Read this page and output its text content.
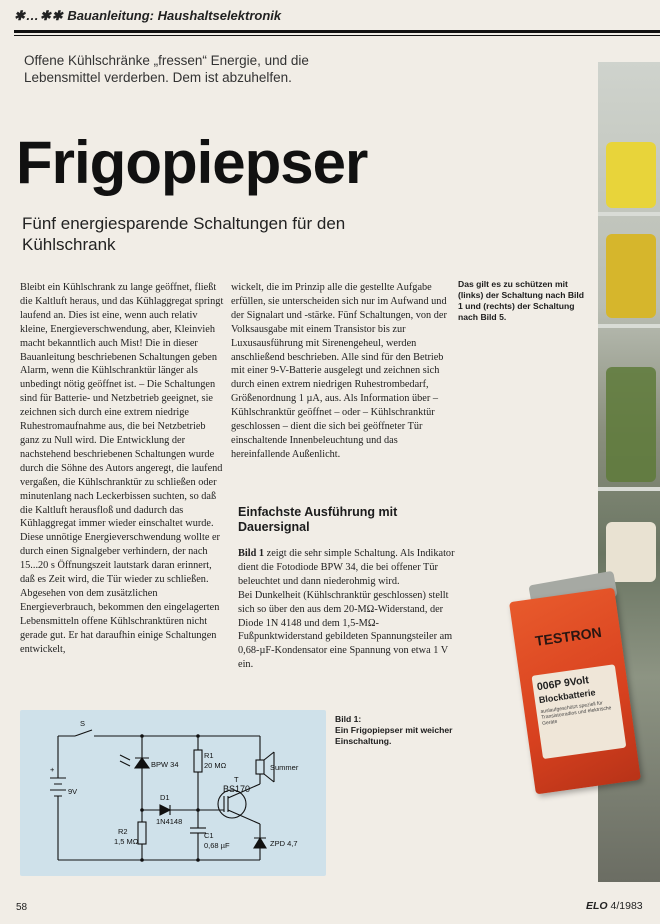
✱…✱✱ Bauanleitung: Haushaltselektronik
Offene Kühlschränke „fressen“ Energie, und die Lebensmittel verderben. Dem ist abzuhelfen.
Frigopiepser
Fünf energiesparende Schaltungen für den Kühlschrank
Bleibt ein Kühlschrank zu lange geöffnet, fließt die Kaltluft heraus, und das Kühlaggregat springt laufend an. Dies ist eine, wenn auch relativ kleine, Energieverschwendung, aber, Kleinvieh macht bekanntlich auch Mist! Die in dieser Bauanleitung beschriebenen Schaltungen geben Alarm, wenn die Kühlschranktür länger als unbedingt nötig geöffnet ist. – Die Schaltungen sind für Batterie- und Netzbetrieb geeignet, sie zeichnen sich durch eine extrem niedrige Ruhestromaufnahme aus, die bei Netzbetrieb ganz zu Null wird. Die Entwicklung der nachstehend beschriebenen Schaltungen wurde durch die Söhne des Autors angeregt, die laufend vergaßen, die Kühlschranktür zu schließen oder minutenlang nach Leckerbissen suchten, so daß die Kaltluft herausfloß und dadurch das Kühlaggregat immer wieder einschaltet wurde. Diese unnötige Energieverschwendung wollte er durch einen Signalgeber verhindern, der nach 15...20 s Öffnungszeit lautstark daran erinnert, daß es Zeit wird, die Tür wieder zu schließen. Abgesehen von dem zusätzlichen Energieverbrauch, bekommen den eingelagerten Lebensmitteln offene Kühlschranktüren nicht gerade gut. Er hat daraufhin einige Schaltungen entwickelt,
wickelt, die im Prinzip alle die gestellte Aufgabe erfüllen, sie unterscheiden sich nur im Aufwand und der Signalart und -stärke. Fünf Schaltungen, von der Volksausgabe mit einem Transistor bis zur Luxusausführung mit Sirenengeheul, werden anschließend beschrieben. Alle sind für den Betrieb mit einer 9-V-Batterie ausgelegt und zeichnen sich durch einen extrem niedrigen Ruhestrombedarf, Größenordnung 1 µA, aus. Als Information über – Kühlschranktür geöffnet – oder – Kühlschranktür geschlossen – dient die sich bei geöffneter Tür einschaltende Innenbeleuchtung und das hereinfallende Außenlicht.
Einfachste Ausführung mit Dauersignal

Bild 1 zeigt die sehr simple Schaltung. Als Indikator dient die Fotodiode BPW 34, die bei offener Tür beleuchtet und dann niederohmig wird.

Bei Dunkelheit (Kühlschranktür geschlossen) stellt sich so über den aus dem 20-MΩ-Widerstand, der Diode 1N 4148 und dem 1,5-MΩ-Fußpunktwiderstand gebildeten Spannungsteiler am 0,68-µF-Kondensator eine Spannung von etwa 1 V ein.

Das gilt es zu schützen mit (links) der Schaltung nach Bild 1 und (rechts) der Schaltung nach Bild 5.
Bild 1:
Ein Frigopiepser mit weicher Einschaltung.
TESTRON
006P 9Volt
Blockbatterie
auslaufgeschützt speziell für Transistorradios und elektrische Geräte
S
+
9V
BPW 34
R1
20 MΩ	Summer
D1
1N4148
T
BS170
R2
1,5 MΩ
C1
0,68 µF	ZPD 4,7
58	ELO 4/1983
